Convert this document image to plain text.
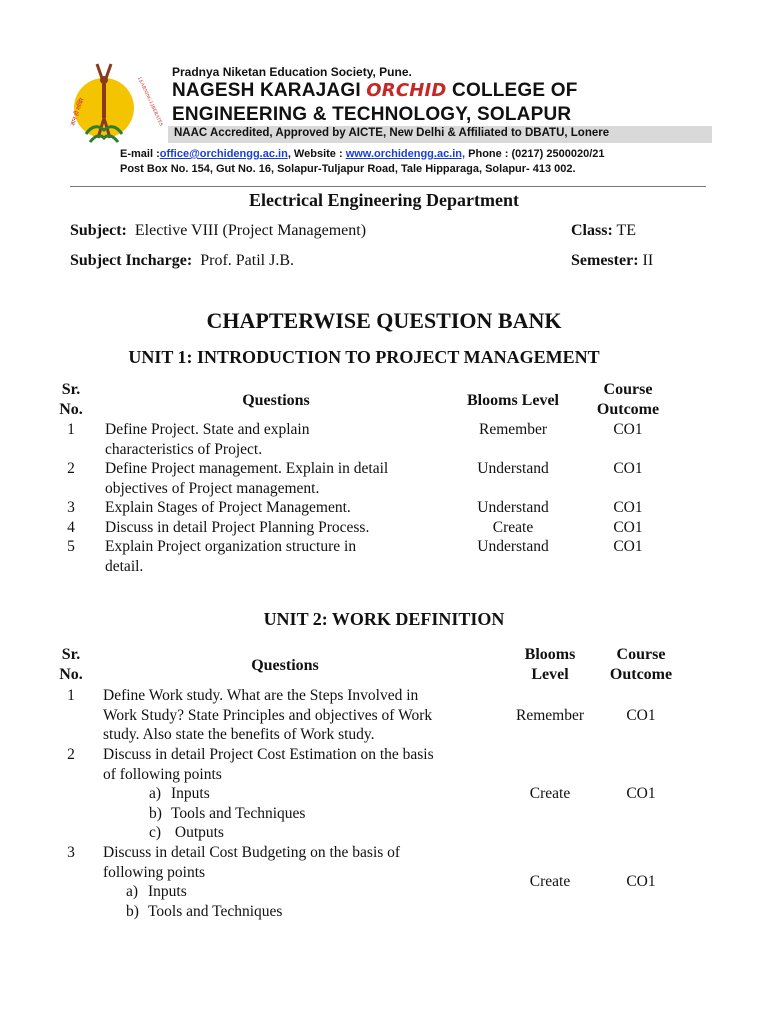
ज्ञान ही शक्ति	LEARNING LIBERATES
Pradnya Niketan Education Society, Pune.
NAGESH KARAJAGI ORCHID COLLEGE OF
ENGINEERING & TECHNOLOGY, SOLAPUR
NAAC Accredited, Approved by AICTE, New Delhi & Affiliated to DBATU, Lonere
E-mail :office@orchidengg.ac.in, Website : www.orchidengg.ac.in, Phone : (0217) 2500020/21
Post Box No. 154, Gut No. 16, Solapur-Tuljapur Road, Tale Hipparaga, Solapur- 413 002.
Electrical Engineering Department
Subject: Elective VIII (Project Management)	Class: TE
Subject Incharge: Prof. Patil J.B.	Semester: II
CHAPTERWISE QUESTION BANK
UNIT 1: INTRODUCTION TO PROJECT MANAGEMENT
Sr.
No.
Questions	Blooms Level
Course
Outcome
1	Define Project. State and explain
characteristics of Project.
Remember	CO1
2	Define Project management. Explain in detail
objectives of Project management.
Understand	CO1
3	Explain Stages of Project Management.	Understand	CO1
4	Discuss in detail Project Planning Process.	Create	CO1
5	Explain Project organization structure in
detail.
Understand	CO1
UNIT 2: WORK DEFINITION
Sr.
No.
Questions
Blooms
Level
Course
Outcome
1	Define Work study. What are the Steps Involved in
Work Study? State Principles and objectives of Work
study. Also state the benefits of Work study.
Remember	CO1
2	Discuss in detail Project Cost Estimation on the basis
of following points
a) Inputs
b) Tools and Techniques
c) Outputs
Create	CO1
3	Discuss in detail Cost Budgeting on the basis of
following points
a) Inputs
b) Tools and Techniques
Create	CO1
